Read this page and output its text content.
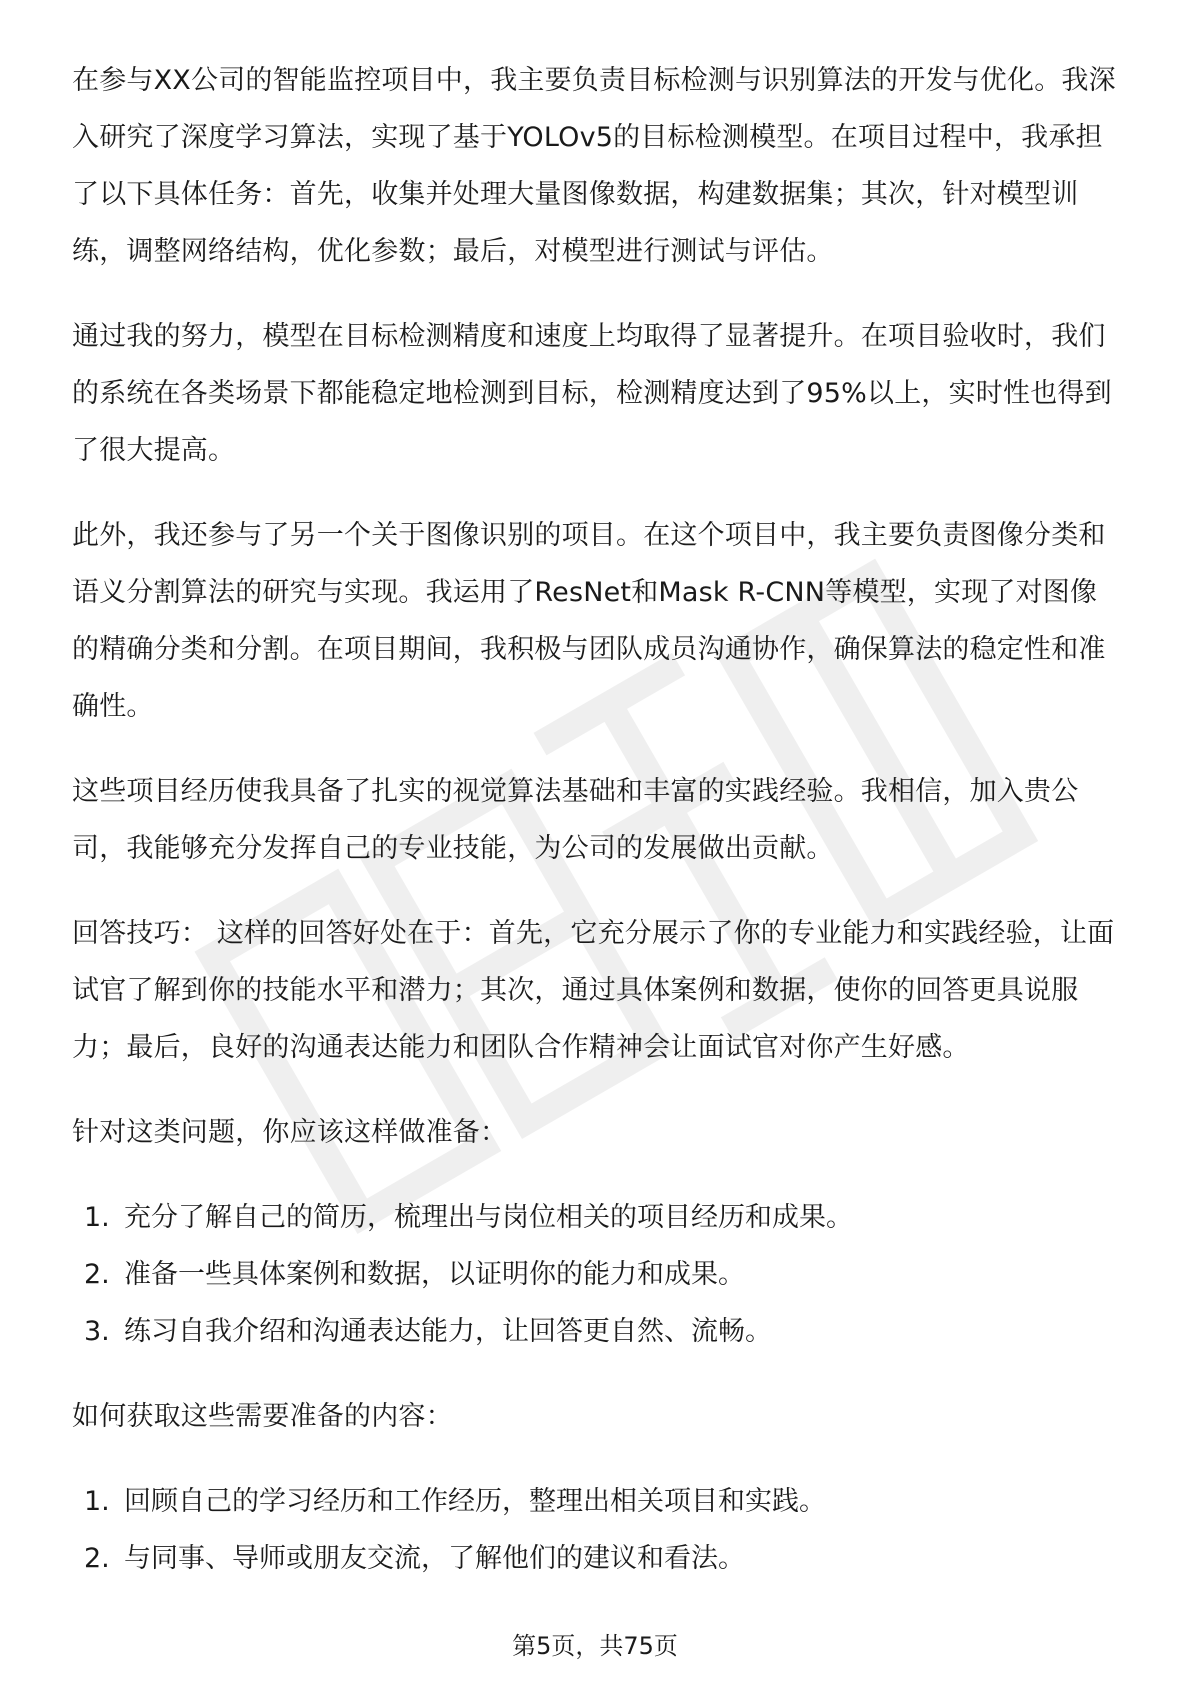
在参与XX公司的智能监控项目中，我主要负责目标检测与识别算法的开发与优化。我深入研究了深度学习算法，实现了基于YOLOv5的目标检测模型。在项目过程中，我承担了以下具体任务：首先，收集并处理大量图像数据，构建数据集；其次，针对模型训练，调整网络结构，优化参数；最后，对模型进行测试与评估。

通过我的努力，模型在目标检测精度和速度上均取得了显著提升。在项目验收时，我们的系统在各类场景下都能稳定地检测到目标，检测精度达到了95%以上，实时性也得到了很大提高。

此外，我还参与了另一个关于图像识别的项目。在这个项目中，我主要负责图像分类和语义分割算法的研究与实现。我运用了ResNet和Mask R-CNN等模型，实现了对图像的精确分类和分割。在项目期间，我积极与团队成员沟通协作，确保算法的稳定性和准确性。

这些项目经历使我具备了扎实的视觉算法基础和丰富的实践经验。我相信，加入贵公司，我能够充分发挥自己的专业技能，为公司的发展做出贡献。

回答技巧： 这样的回答好处在于：首先，它充分展示了你的专业能力和实践经验，让面试官了解到你的技能水平和潜力；其次，通过具体案例和数据，使你的回答更具说服力；最后，良好的沟通表达能力和团队合作精神会让面试官对你产生好感。

针对这类问题，你应该这样做准备：

1. 充分了解自己的简历，梳理出与岗位相关的项目经历和成果。
2. 准备一些具体案例和数据，以证明你的能力和成果。
3. 练习自我介绍和沟通表达能力，让回答更自然、流畅。

如何获取这些需要准备的内容：

1. 回顾自己的学习经历和工作经历，整理出相关项目和实践。
2. 与同事、导师或朋友交流，了解他们的建议和看法。
第5页，共75页
